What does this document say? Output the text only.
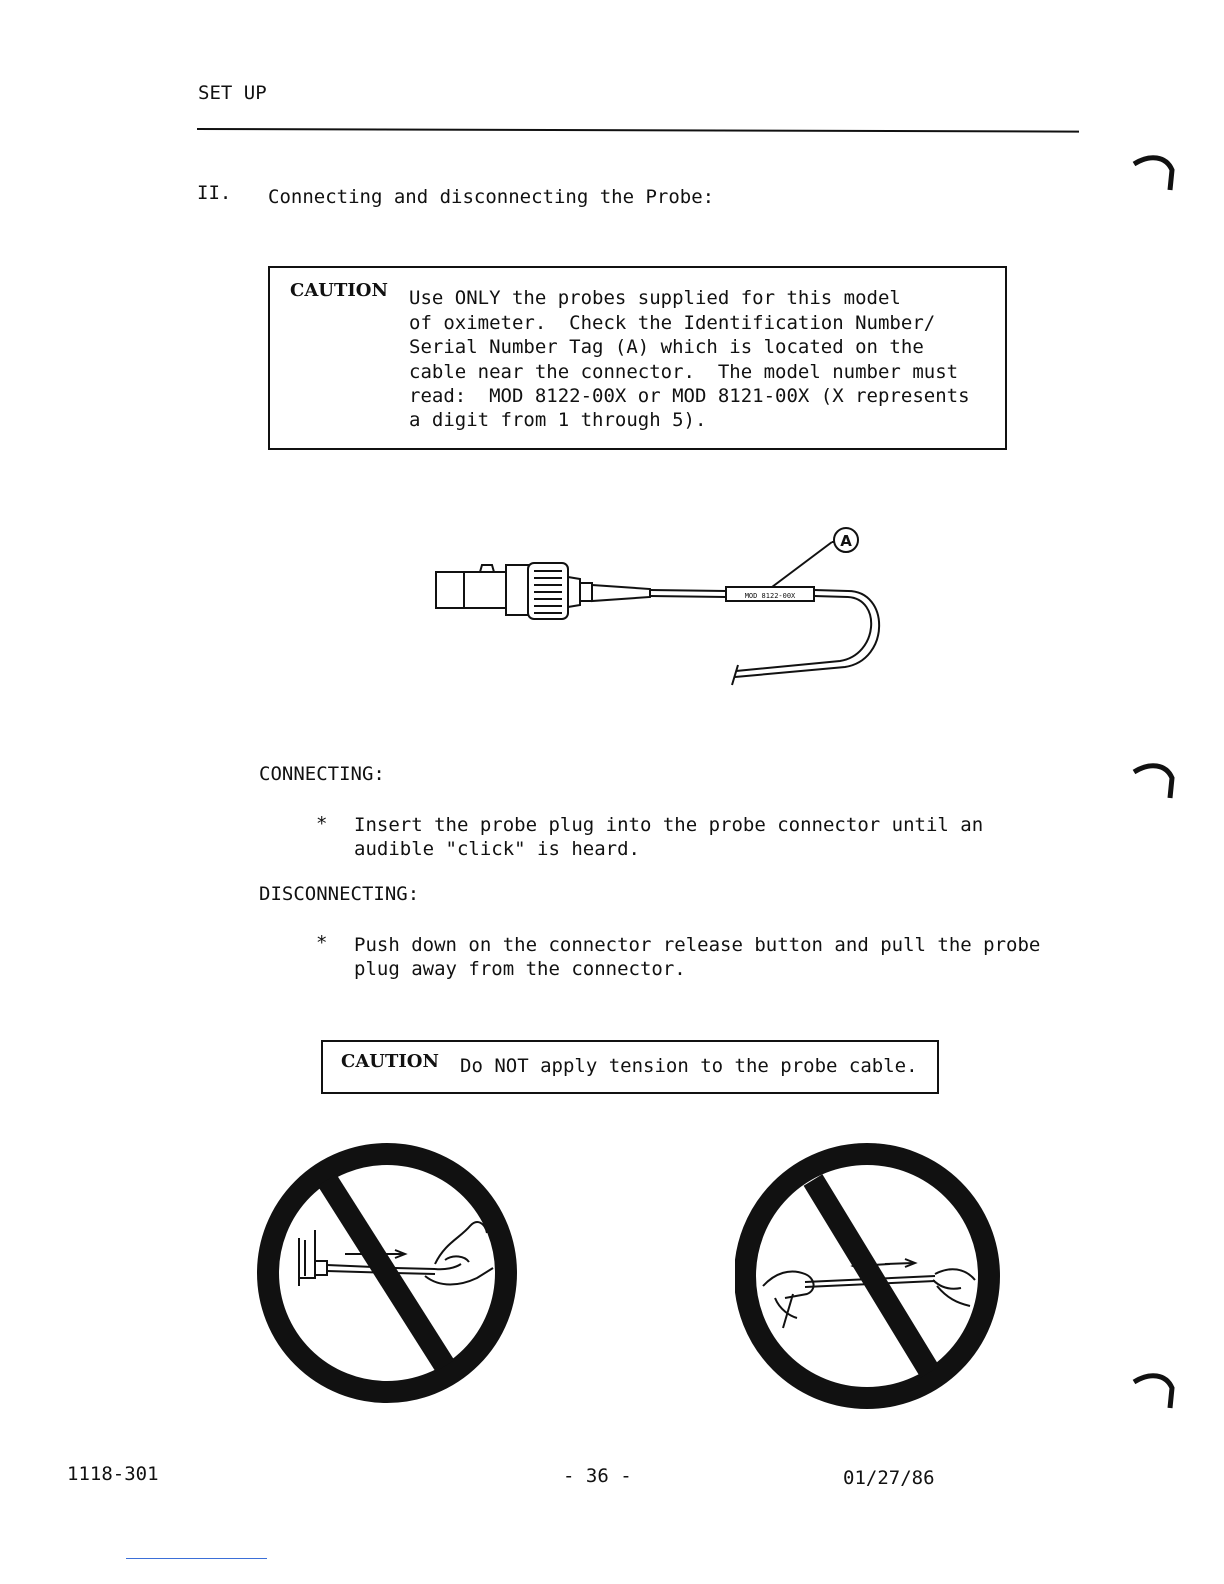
SET UP
II. Connecting and disconnecting the Probe:
CAUTION Use ONLY the probes supplied for this model
of oximeter.  Check the Identification Number/
Serial Number Tag (A) which is located on the
cable near the connector.  The model number must
read:  MOD 8122-00X or MOD 8121-00X (X represents
a digit from 1 through 5).
A
MOD 8122-00X
CONNECTING:
* Insert the probe plug into the probe connector until an
audible "click" is heard.
DISCONNECTING:
* Push down on the connector release button and pull the probe
plug away from the connector.
CAUTION Do NOT apply tension to the probe cable.
1118-301	- 36 -	01/27/86
